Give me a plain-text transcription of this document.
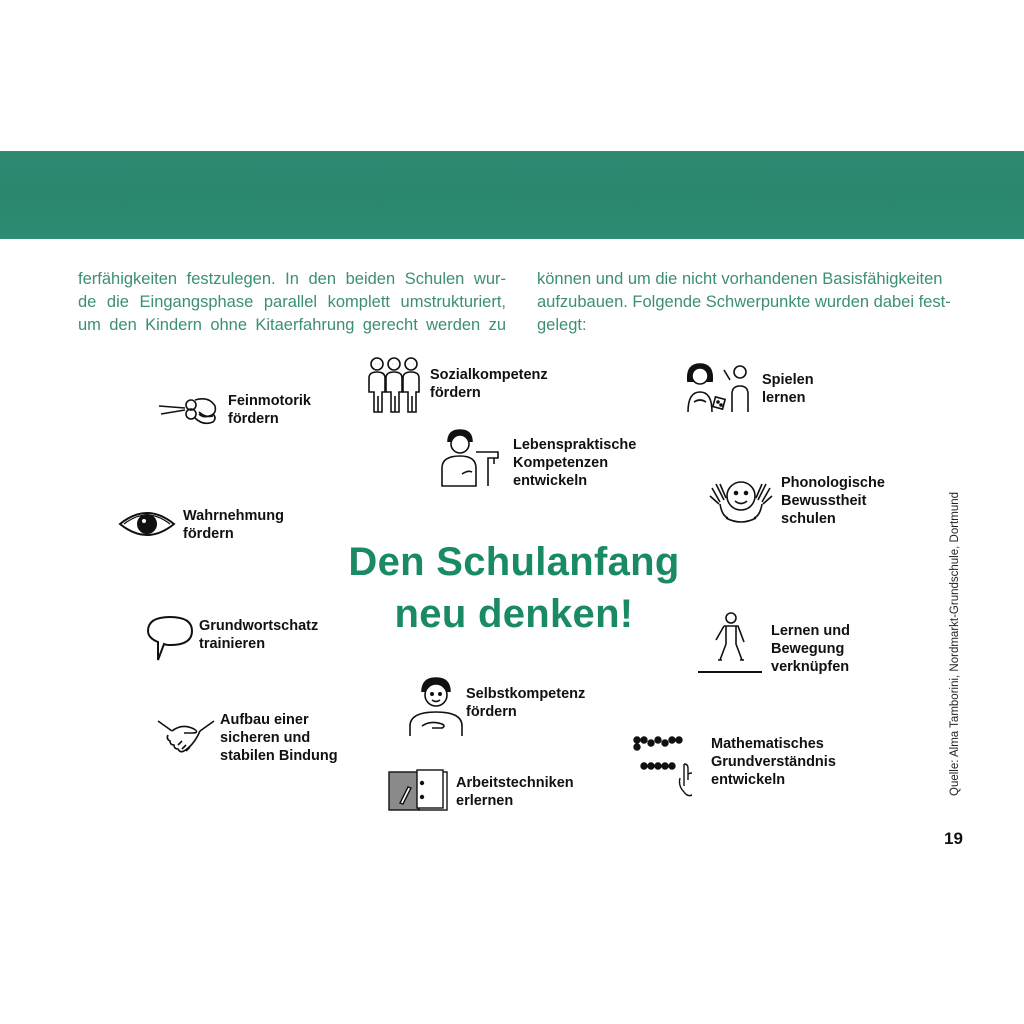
ferfähigkeiten festzulegen. In den beiden Schulen wur-
de die Eingangsphase parallel komplett umstrukturiert,
um den Kindern ohne Kitaerfahrung gerecht werden zu
können und um die nicht vorhandenen Basisfähigkeiten
aufzubauen. Folgende Schwerpunkte wurden dabei fest-
gelegt:
Den Schulanfang
neu denken!
Feinmotorik
fördern
Sozialkompetenz
fördern
Spielen
lernen
Lebenspraktische
Kompetenzen
entwickeln	Phonologische
Bewusstheit
schulen
Wahrnehmung
fördern
Grundwortschatz
trainieren
Lernen und
Bewegung
verknüpfen
Selbstkompetenz
fördern
Aufbau einer
sicheren und
stabilen Bindung
Mathematisches
Grundverständnis
entwickeln
Arbeitstechniken
erlernen
Quelle: Alma Tamborini, Nordmarkt-Grundschule, Dortmund
19
